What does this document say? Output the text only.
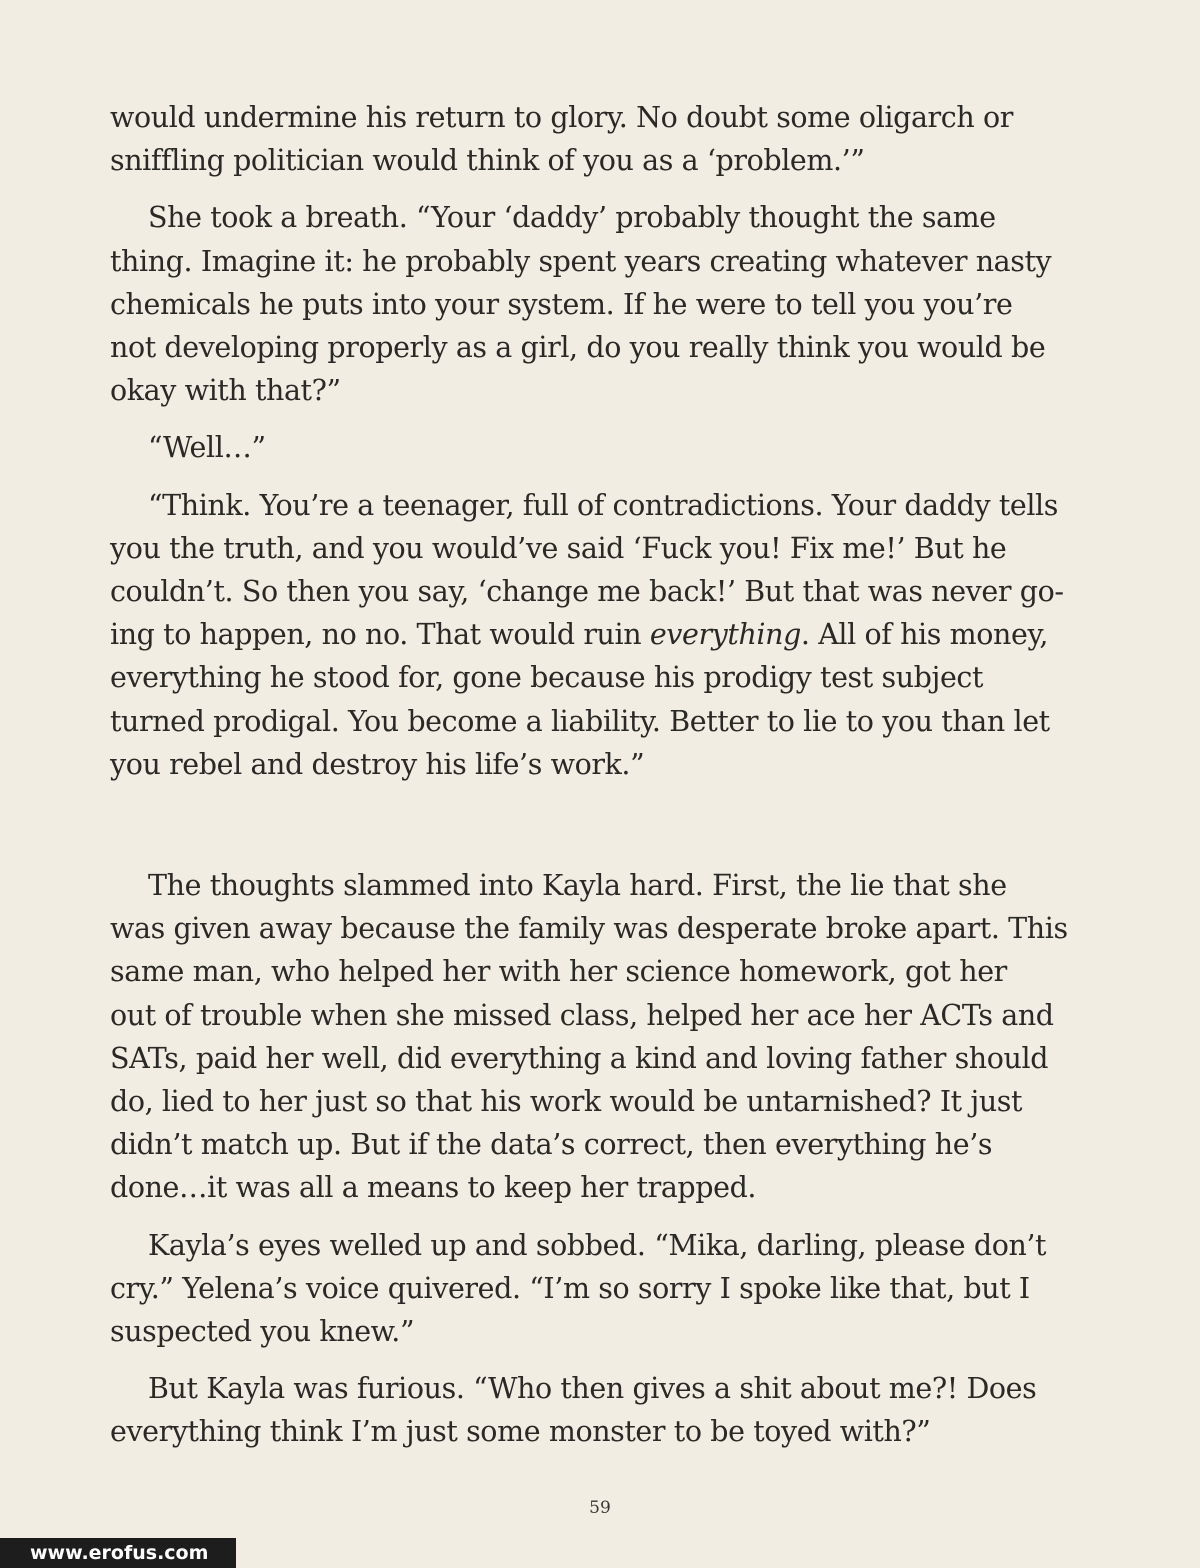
would undermine his return to glory. No doubt some oligarch or
sniffling politician would think of you as a ‘problem.’”

She took a breath. “Your ‘daddy’ probably thought the same
thing. Imagine it: he probably spent years creating whatever nasty
chemicals he puts into your system. If he were to tell you you’re
not developing properly as a girl, do you really think you would be
okay with that?”

“Well…”

“Think. You’re a teenager, full of contradictions. Your daddy tells
you the truth, and you would’ve said ‘Fuck you! Fix me!’ But he
couldn’t. So then you say, ‘change me back!’ But that was never go-
ing to happen, no no. That would ruin everything. All of his money,
everything he stood for, gone because his prodigy test subject
turned prodigal. You become a liability. Better to lie to you than let
you rebel and destroy his life’s work.”

The thoughts slammed into Kayla hard. First, the lie that she
was given away because the family was desperate broke apart. This
same man, who helped her with her science homework, got her
out of trouble when she missed class, helped her ace her ACTs and
SATs, paid her well, did everything a kind and loving father should
do, lied to her just so that his work would be untarnished? It just
didn’t match up. But if the data’s correct, then everything he’s
done…it was all a means to keep her trapped.

Kayla’s eyes welled up and sobbed. “Mika, darling, please don’t
cry.” Yelena’s voice quivered. “I’m so sorry I spoke like that, but I
suspected you knew.”

But Kayla was furious. “Who then gives a shit about me?! Does
everything think I’m just some monster to be toyed with?”

59
www.erofus.com
